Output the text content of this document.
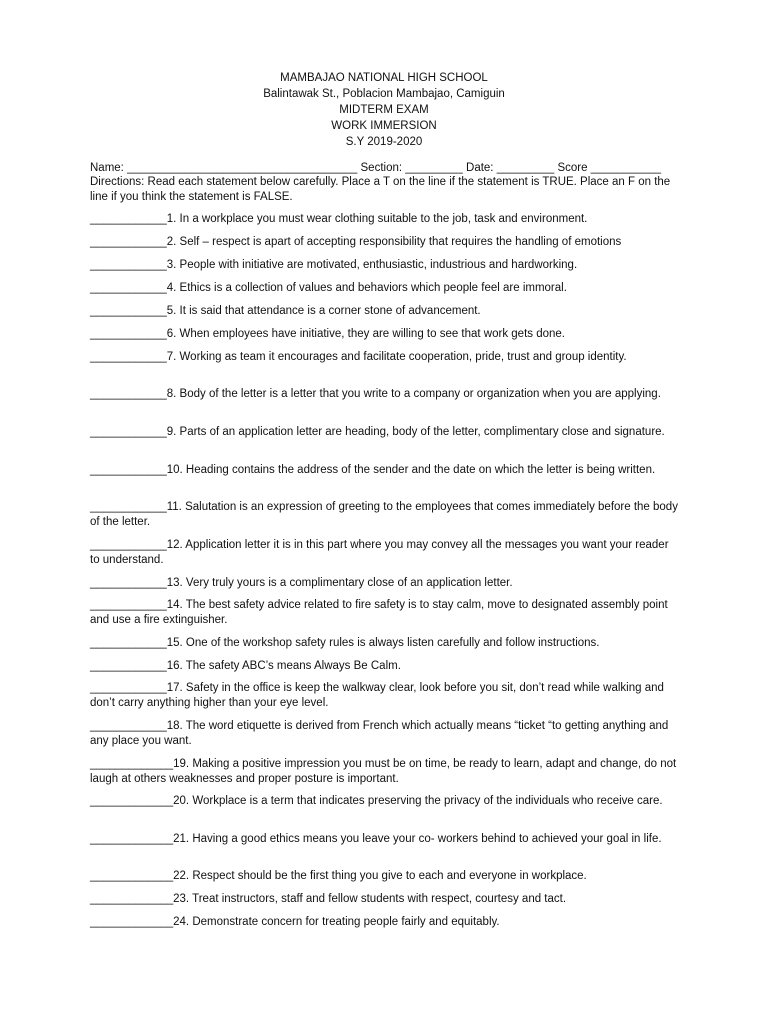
MAMBAJAO NATIONAL HIGH SCHOOL
Balintawak St., Poblacion Mambajao, Camiguin
MIDTERM EXAM
WORK IMMERSION
S.Y 2019-2020
Name: ____________________________________ Section: _________ Date: _________ Score ___________
Directions: Read each statement below carefully. Place a T on the line if the statement is TRUE. Place an F on the line if you think the statement is FALSE.
____________1. In a workplace you must wear clothing suitable to the job, task and environment.
____________2. Self – respect is apart of accepting responsibility that requires the handling of emotions
____________3. People with initiative are motivated, enthusiastic, industrious and hardworking.
____________4. Ethics is a collection of values and behaviors which people feel are immoral.
____________5. It is said that attendance is a corner stone of advancement.
____________6. When employees have initiative, they are willing to see that work gets done.
____________7. Working as team it encourages and facilitate cooperation, pride, trust and group identity.
____________8. Body of the letter is a letter that you write to a company or organization when you are applying.
____________9. Parts of an application letter are heading, body of the letter, complimentary close and signature.
____________10. Heading contains the address of the sender and the date on which the letter is being written.
____________11. Salutation is an expression of greeting to the employees that comes immediately before the body of the letter.
____________12. Application letter it is in this part where you may convey all the messages you want your reader to understand.
____________13. Very truly yours is a complimentary close of an application letter.
____________14. The best safety advice related to fire safety is to stay calm, move to designated assembly point and use a fire extinguisher.
____________15. One of the workshop safety rules is always listen carefully and follow instructions.
____________16. The safety ABC’s means Always Be Calm.
____________17. Safety in the office is keep the walkway clear, look before you sit, don’t read while walking and don’t carry anything higher than your eye level.
____________18. The word etiquette is derived from French which actually means “ticket “to getting anything and any place you want.
_____________19. Making a positive impression you must be on time, be ready to learn, adapt and change, do not laugh at others weaknesses and proper posture is important.
_____________20. Workplace is a term that indicates preserving the privacy of the individuals who receive care.
_____________21. Having a good ethics means you leave your co- workers behind to achieved your goal in life.
_____________22. Respect should be the first thing you give to each and everyone in workplace.
_____________23. Treat instructors, staff and fellow students with respect, courtesy and tact.
_____________24. Demonstrate concern for treating people fairly and equitably.
